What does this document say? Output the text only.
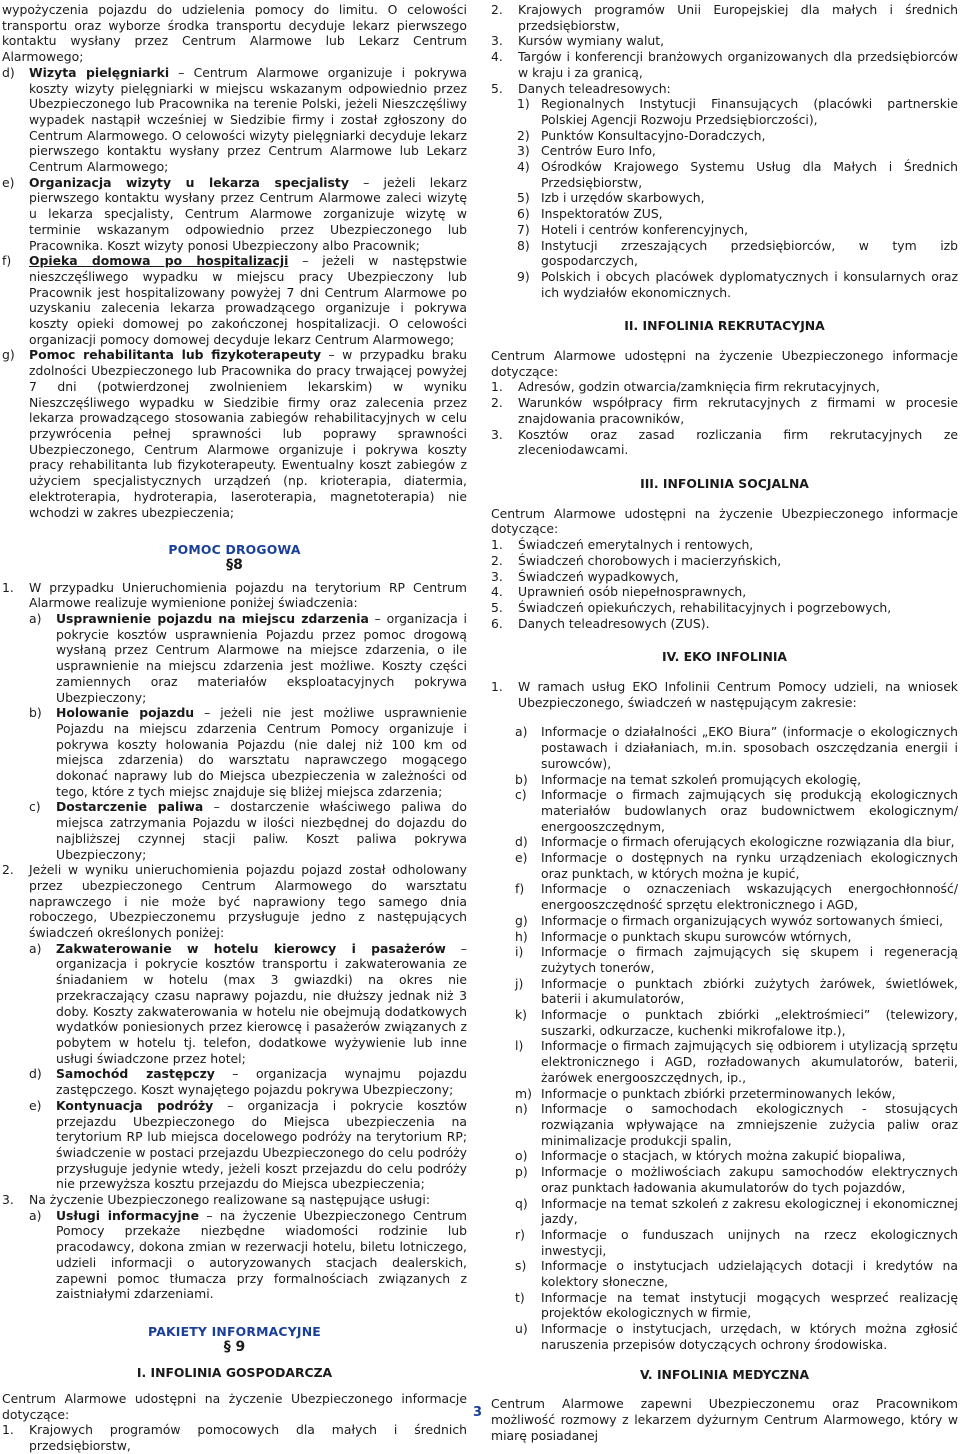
wypożyczenia pojazdu do udzielenia pomocy do limitu. O celowości transportu oraz wyborze środka transportu decyduje lekarz pierwszego kontaktu wysłany przez Centrum Alarmowe lub Lekarz Centrum Alarmowego;

d) Wizyta pielęgniarki – Centrum Alarmowe organizuje i pokrywa koszty wizyty pielęgniarki w miejscu wskazanym odpowiednio przez Ubezpieczonego lub Pracownika na terenie Polski, jeżeli Nieszczęśliwy wypadek nastąpił wcześniej w Siedzibie firmy i został zgłoszony do Centrum Alarmowego. O celowości wizyty pielęgniarki decyduje lekarz pierwszego kontaktu wysłany przez Centrum Alarmowe lub Lekarz Centrum Alarmowego;
e) Organizacja wizyty u lekarza specjalisty – jeżeli lekarz pierwszego kontaktu wysłany przez Centrum Alarmowe zaleci wizytę u lekarza specjalisty, Centrum Alarmowe zorganizuje wizytę w terminie wskazanym odpowiednio przez Ubezpieczonego lub Pracownika. Koszt wizyty ponosi Ubezpieczony albo Pracownik;
f) Opieka domowa po hospitalizacji – jeżeli w następstwie nieszczęśliwego wypadku w miejscu pracy Ubezpieczony lub Pracownik jest hospitalizowany powyżej 7 dni Centrum Alarmowe po uzyskaniu zalecenia lekarza prowadzącego organizuje i pokrywa koszty opieki domowej po zakończonej hospitalizacji. O celowości organizacji pomocy domowej decyduje lekarz Centrum Alarmowego;
g) Pomoc rehabilitanta lub fizykoterapeuty – w przypadku braku zdolności Ubezpieczonego lub Pracownika do pracy trwającej powyżej 7 dni (potwierdzonej zwolnieniem lekarskim) w wyniku Nieszczęśliwego wypadku w Siedzibie firmy oraz zalecenia przez lekarza prowadzącego stosowania zabiegów rehabilitacyjnych w celu przywrócenia pełnej sprawności lub poprawy sprawności Ubezpieczonego, Centrum Alarmowe organizuje i pokrywa koszty pracy rehabilitanta lub fizykoterapeuty. Ewentualny koszt zabiegów z użyciem specjalistycznych urządzeń (np. krioterapia, diatermia, elektroterapia, hydroterapia, laseroterapia, magnetoterapia) nie wchodzi w zakres ubezpieczenia;
POMOC DROGOWA
§8
1. W przypadku Unieruchomienia pojazdu na terytorium RP Centrum Alarmowe realizuje wymienione poniżej świadczenia:
a) Usprawnienie pojazdu na miejscu zdarzenia – organizacja i pokrycie kosztów usprawnienia Pojazdu przez pomoc drogową wysłaną przez Centrum Alarmowe na miejsce zdarzenia, o ile usprawnienie na miejscu zdarzenia jest możliwe. Koszty części zamiennych oraz materiałów eksploatacyjnych pokrywa Ubezpieczony;
b) Holowanie pojazdu – jeżeli nie jest możliwe usprawnienie Pojazdu na miejscu zdarzenia Centrum Pomocy organizuje i pokrywa koszty holowania Pojazdu (nie dalej niż 100 km od miejsca zdarzenia) do warsztatu naprawczego mogącego dokonać naprawy lub do Miejsca ubezpieczenia w zależności od tego, które z tych miejsc znajduje się bliżej miejsca zdarzenia;
c) Dostarczenie paliwa – dostarczenie właściwego paliwa do miejsca zatrzymania Pojazdu w ilości niezbędnej do dojazdu do najbliższej czynnej stacji paliw. Koszt paliwa pokrywa Ubezpieczony;
2. Jeżeli w wyniku unieruchomienia pojazdu pojazd został odholowany przez ubezpieczonego Centrum Alarmowego do warsztatu naprawczego i nie może być naprawiony tego samego dnia roboczego, Ubezpieczonemu przysługuje jedno z następujących świadczeń określonych poniżej:
a) Zakwaterowanie w hotelu kierowcy i pasażerów – organizacja i pokrycie kosztów transportu i zakwaterowania ze śniadaniem w hotelu (max 3 gwiazdki) na okres nie przekraczający czasu naprawy pojazdu, nie dłuższy jednak niż 3 doby. Koszty zakwaterowania w hotelu nie obejmują dodatkowych wydatków poniesionych przez kierowcę i pasażerów związanych z pobytem w hotelu tj. telefon, dodatkowe wyżywienie lub inne usługi świadczone przez hotel;
d) Samochód zastępczy – organizacja wynajmu pojazdu zastępczego. Koszt wynajętego pojazdu pokrywa Ubezpieczony;
e) Kontynuacja podróży – organizacja i pokrycie kosztów przejazdu Ubezpieczonego do Miejsca ubezpieczenia na terytorium RP lub miejsca docelowego podróży na terytorium RP; świadczenie w postaci przejazdu Ubezpieczonego do celu podróży przysługuje jedynie wtedy, jeżeli koszt przejazdu do celu podróży nie przewyższa kosztu przejazdu do Miejsca ubezpieczenia;
3. Na życzenie Ubezpieczonego realizowane są następujące usługi:
a) Usługi informacyjne – na życzenie Ubezpieczonego Centrum Pomocy przekaże niezbędne wiadomości rodzinie lub pracodawcy, dokona zmian w rezerwacji hotelu, biletu lotniczego, udzieli informacji o autoryzowanych stacjach dealerskich, zapewni pomoc tłumacza przy formalnościach związanych z zaistniałymi zdarzeniami.
PAKIETY INFORMACYJNE
§ 9
I. INFOLINIA GOSPODARCZA

Centrum Alarmowe udostępni na życzenie Ubezpieczonego informacje dotyczące:

1. Krajowych programów pomocowych dla małych i średnich przedsiębiorstw,
2. Krajowych programów Unii Europejskiej dla małych i średnich przedsiębiorstw,
3. Kursów wymiany walut,
4. Targów i konferencji branżowych organizowanych dla przedsiębiorców w kraju i za granicą,
5. Danych teleadresowych:
1) Regionalnych Instytucji Finansujących (placówki partnerskie Polskiej Agencji Rozwoju Przedsiębiorczości),
2) Punktów Konsultacyjno-Doradczych,
3) Centrów Euro Info,
4) Ośrodków Krajowego Systemu Usług dla Małych i Średnich Przedsiębiorstw,
5) Izb i urzędów skarbowych,
6) Inspektoratów ZUS,
7) Hoteli i centrów konferencyjnych,
8) Instytucji zrzeszających przedsiębiorców, w tym izb gospodarczych,
9) Polskich i obcych placówek dyplomatycznych i konsularnych oraz ich wydziałów ekonomicznych.
II. INFOLINIA REKRUTACYJNA

Centrum Alarmowe udostępni na życzenie Ubezpieczonego informacje dotyczące:

1. Adresów, godzin otwarcia/zamknięcia firm rekrutacyjnych,
2. Warunków współpracy firm rekrutacyjnych z firmami w procesie znajdowania pracowników,
3. Kosztów oraz zasad rozliczania firm rekrutacyjnych ze zleceniodawcami.
III. INFOLINIA SOCJALNA

Centrum Alarmowe udostępni na życzenie Ubezpieczonego informacje dotyczące:

1. Świadczeń emerytalnych i rentowych,
2. Świadczeń chorobowych i macierzyńskich,
3. Świadczeń wypadkowych,
4. Uprawnień osób niepełnosprawnych,
5. Świadczeń opiekuńczych, rehabilitacyjnych i pogrzebowych,
6. Danych teleadresowych (ZUS).
IV. EKO INFOLINIA
1. W ramach usług EKO Infolinii Centrum Pomocy udzieli, na wniosek Ubezpieczonego, świadczeń w następującym zakresie:
a) Informacje o działalności „EKO Biura” (informacje o ekologicznych postawach i działaniach, m.in. sposobach oszczędzania energii i surowców),
b) Informacje na temat szkoleń promujących ekologię,
c) Informacje o firmach zajmujących się produkcją ekologicznych materiałów budowlanych oraz budownictwem ekologicznym/ energooszczędnym,
d) Informacje o firmach oferujących ekologiczne rozwiązania dla biur,
e) Informacje o dostępnych na rynku urządzeniach ekologicznych oraz punktach, w których można je kupić,
f) Informacje o oznaczeniach wskazujących energochłonność/ energooszczędność sprzętu elektronicznego i AGD,
g) Informacje o firmach organizujących wywóz sortowanych śmieci,
h) Informacje o punktach skupu surowców wtórnych,
i) Informacje o firmach zajmujących się skupem i regeneracją zużytych tonerów,
j) Informacje o punktach zbiórki zużytych żarówek, świetlówek, baterii i akumulatorów,
k) Informacje o punktach zbiórki „elektrośmieci” (telewizory, suszarki, odkurzacze, kuchenki mikrofalowe itp.),
l) Informacje o firmach zajmujących się odbiorem i utylizacją sprzętu elektronicznego i AGD, rozładowanych akumulatorów, baterii, żarówek energooszczędnych, ip.,
m) Informacje o punktach zbiórki przeterminowanych leków,
n) Informacje o samochodach ekologicznych - stosujących rozwiązania wpływające na zmniejszenie zużycia paliw oraz minimalizacje produkcji spalin,
o) Informacje o stacjach, w których można zakupić biopaliwa,
p) Informacje o możliwościach zakupu samochodów elektrycznych oraz punktach ładowania akumulatorów do tych pojazdów,
q) Informacje na temat szkoleń z zakresu ekologicznej i ekonomicznej jazdy,
r) Informacje o funduszach unijnych na rzecz ekologicznych inwestycji,
s) Informacje o instytucjach udzielających dotacji i kredytów na kolektory słoneczne,
t) Informacje na temat instytucji mogących wesprzeć realizację projektów ekologicznych w firmie,
u) Informacje o instytucjach, urzędach, w których można zgłosić naruszenia przepisów dotyczących ochrony środowiska.
V. INFOLINIA MEDYCZNA

Centrum Alarmowe zapewni Ubezpieczonemu oraz Pracownikom możliwość rozmowy z lekarzem dyżurnym Centrum Alarmowego, który w miarę posiadanej

3
